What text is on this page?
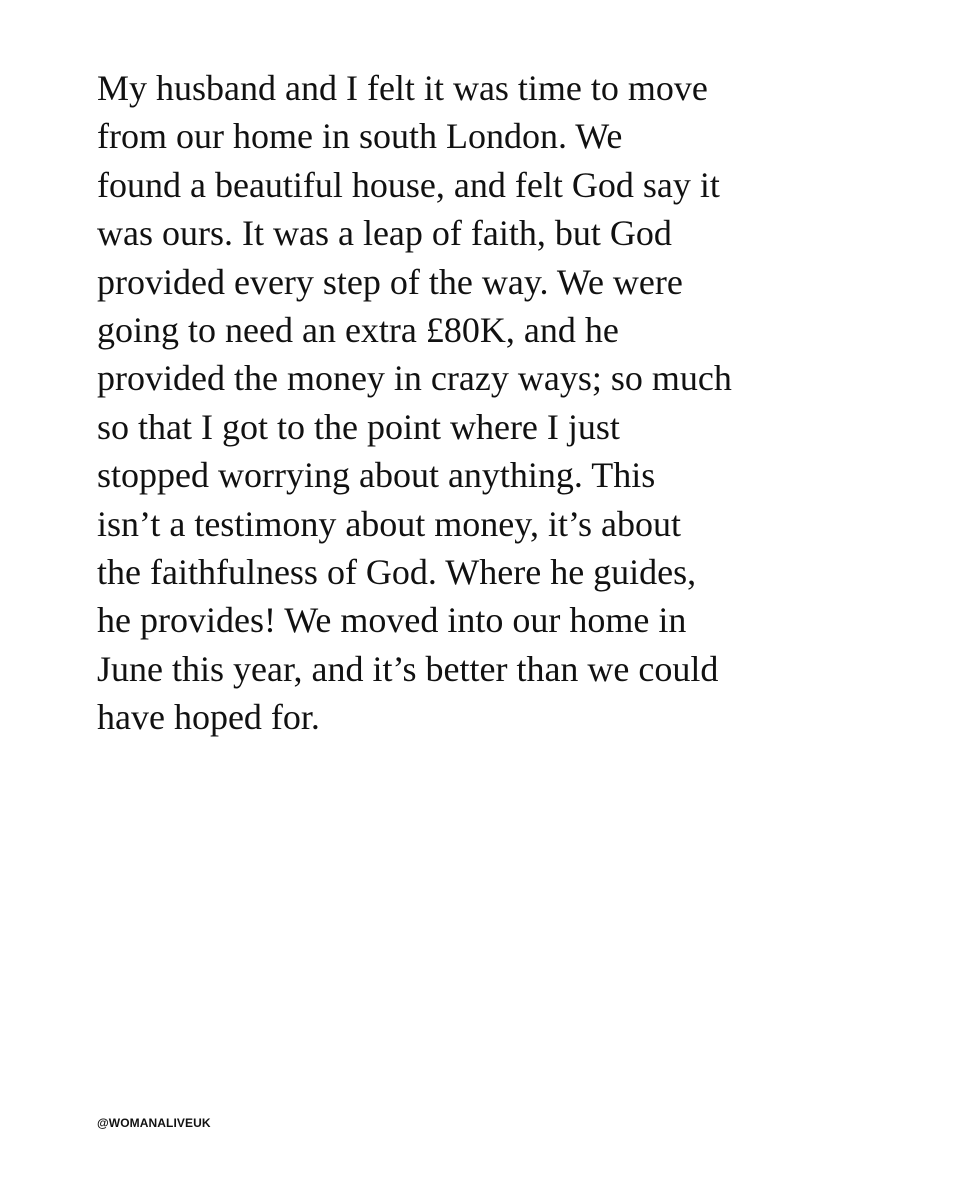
My husband and I felt it was time to move
from our home in south London. We
found a beautiful house, and felt God say it
was ours. It was a leap of faith, but God
provided every step of the way. We were
going to need an extra £80K, and he
provided the money in crazy ways; so much
so that I got to the point where I just
stopped worrying about anything. This
isn’t a testimony about money, it’s about
the faithfulness of God. Where he guides,
he provides! We moved into our home in
June this year, and it’s better than we could
have hoped for.

@WOMANALIVEUK
